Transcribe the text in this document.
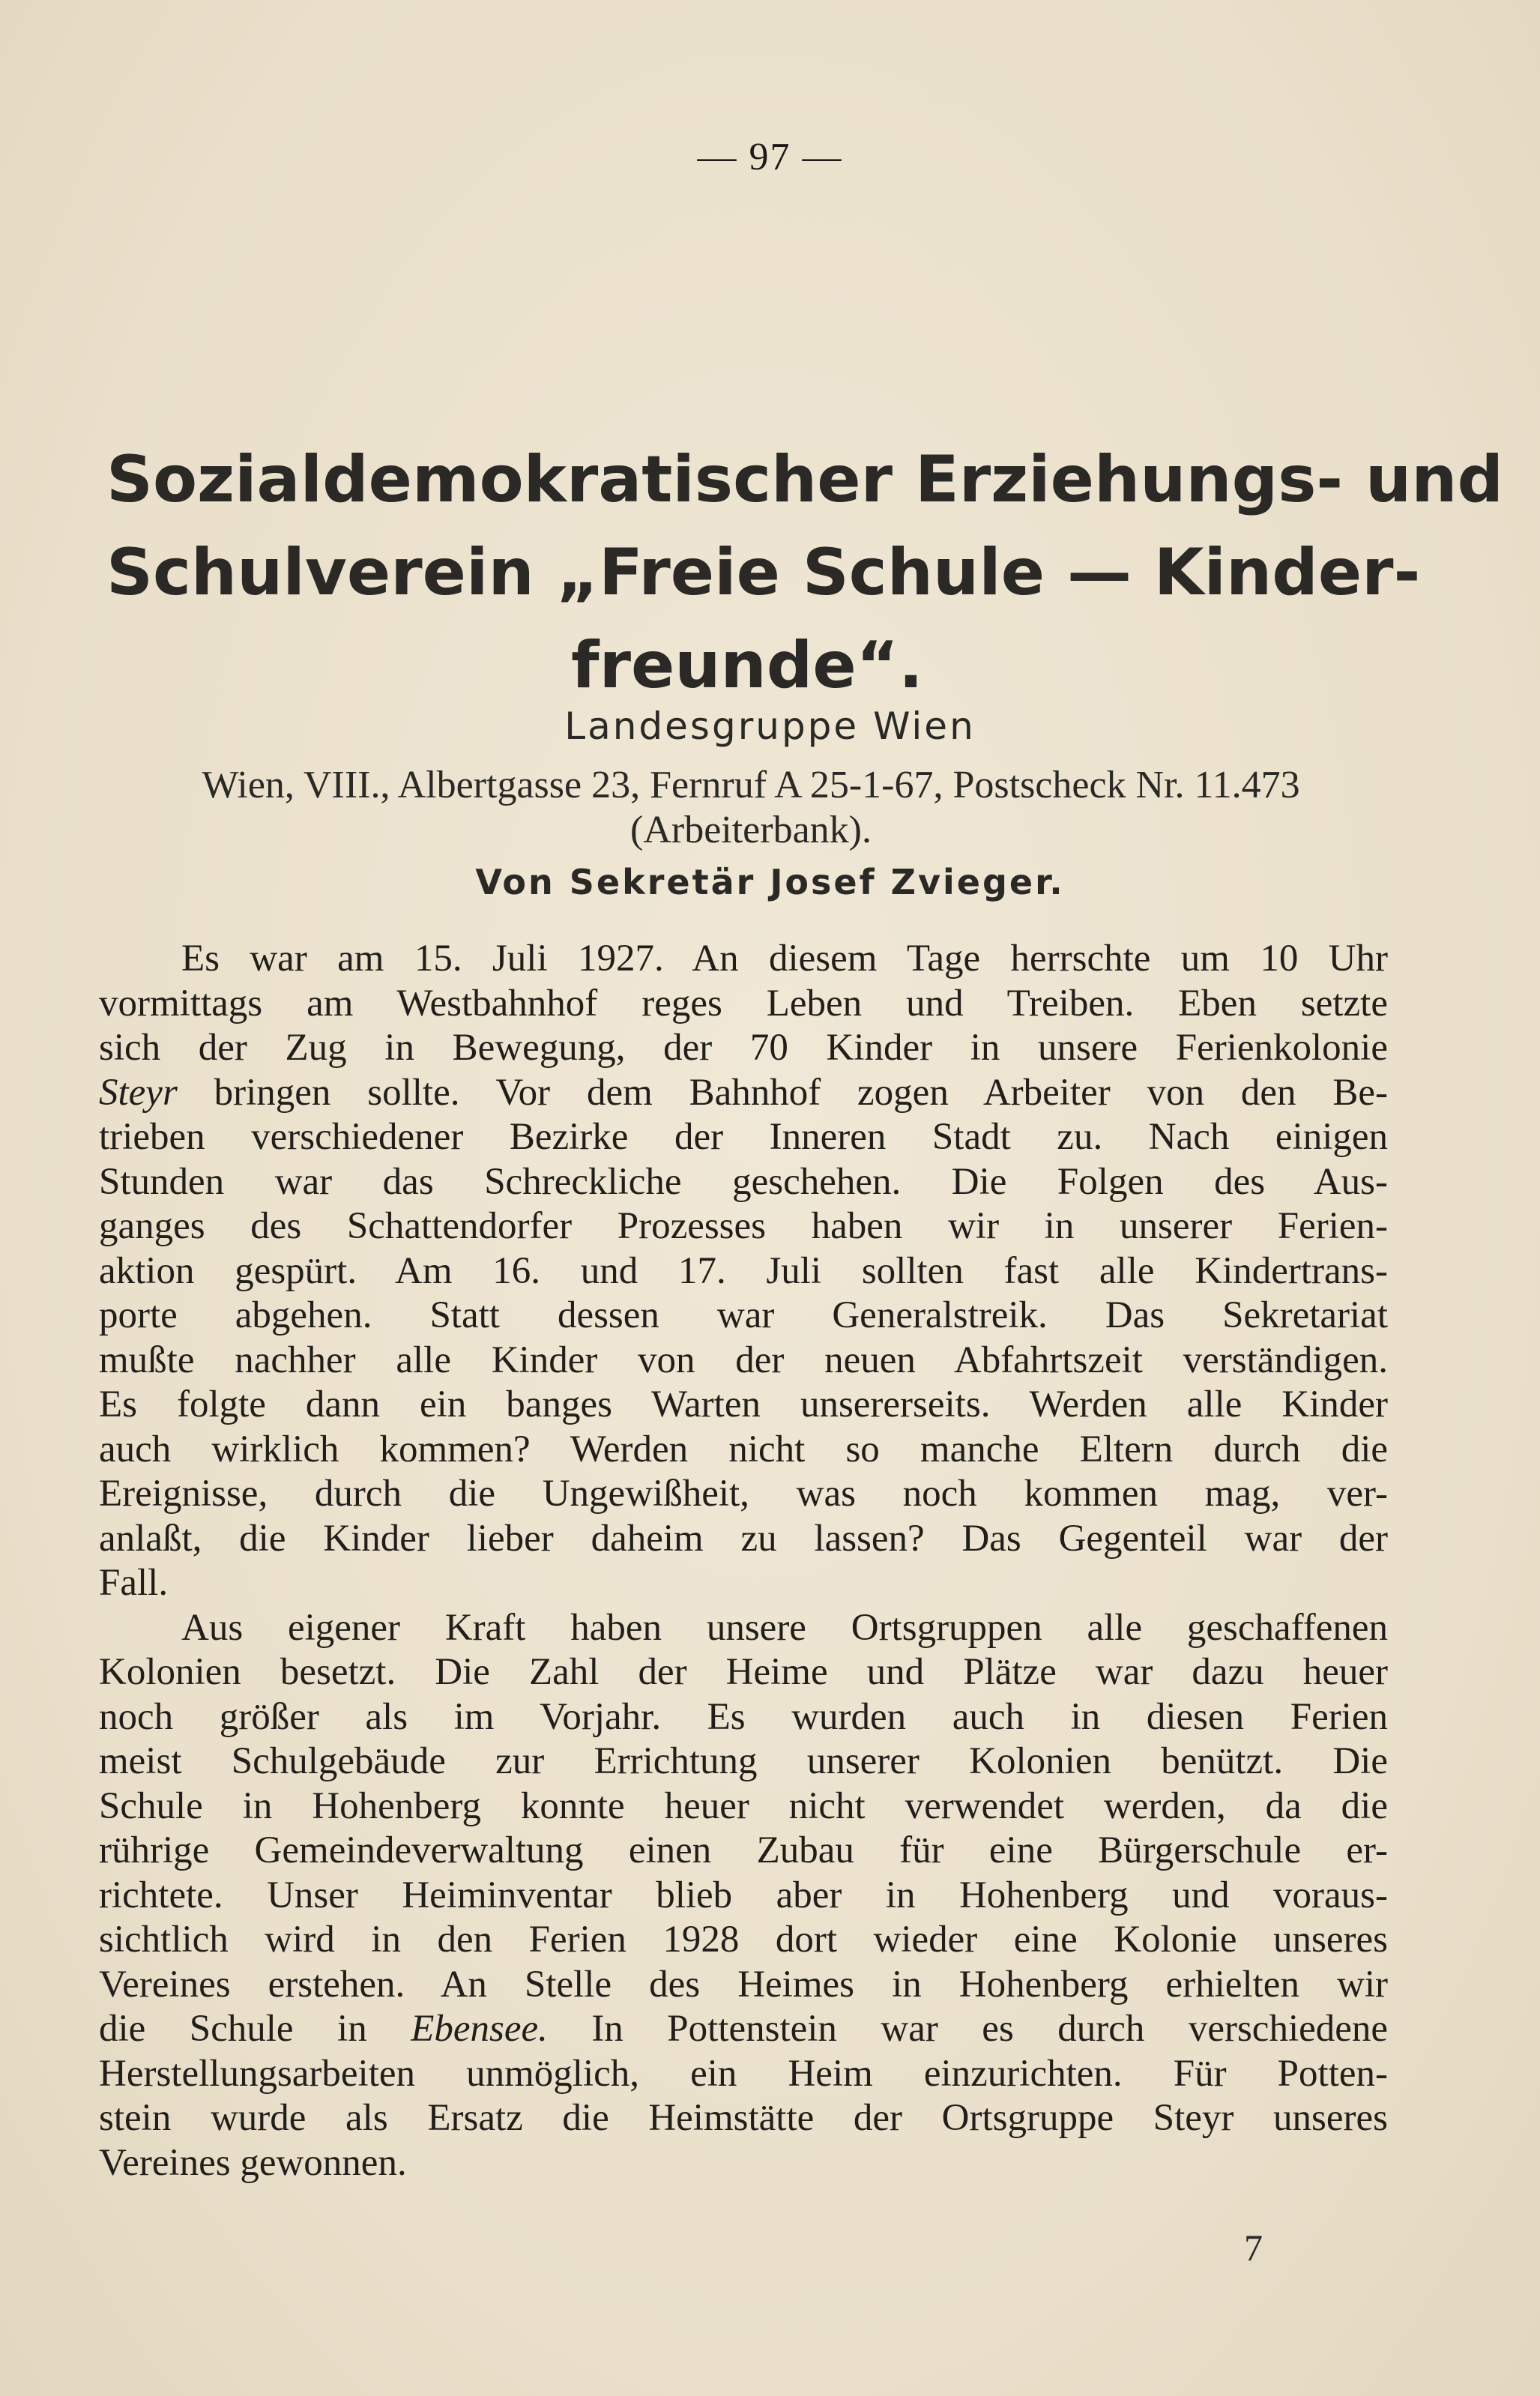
— 97 —
Sozialdemokratischer Erziehungs- und
Schulverein „Freie Schule — Kinder-
freunde“.
Landesgruppe Wien
Wien, VIII., Albertgasse 23, Fernruf A 25-1-67, Postscheck Nr. 11.473
(Arbeiterbank).
Von Sekretär Josef Zvieger.

Es war am 15. Juli 1927. An diesem Tage herrschte um 10 Uhr
vormittags am Westbahnhof reges Leben und Treiben. Eben setzte
sich der Zug in Bewegung, der 70 Kinder in unsere Ferienkolonie
Steyr bringen sollte. Vor dem Bahnhof zogen Arbeiter von den Be-
trieben verschiedener Bezirke der Inneren Stadt zu. Nach einigen
Stunden war das Schreckliche geschehen. Die Folgen des Aus-
ganges des Schattendorfer Prozesses haben wir in unserer Ferien-
aktion gespürt. Am 16. und 17. Juli sollten fast alle Kindertrans-
porte abgehen. Statt dessen war Generalstreik. Das Sekretariat
mußte nachher alle Kinder von der neuen Abfahrtszeit verständigen.
Es folgte dann ein banges Warten unsererseits. Werden alle Kinder
auch wirklich kommen? Werden nicht so manche Eltern durch die
Ereignisse, durch die Ungewißheit, was noch kommen mag, ver-
anlaßt, die Kinder lieber daheim zu lassen? Das Gegenteil war der
Fall.

Aus eigener Kraft haben unsere Ortsgruppen alle geschaffenen
Kolonien besetzt. Die Zahl der Heime und Plätze war dazu heuer
noch größer als im Vorjahr. Es wurden auch in diesen Ferien
meist Schulgebäude zur Errichtung unserer Kolonien benützt. Die
Schule in Hohenberg konnte heuer nicht verwendet werden, da die
rührige Gemeindeverwaltung einen Zubau für eine Bürgerschule er-
richtete. Unser Heiminventar blieb aber in Hohenberg und voraus-
sichtlich wird in den Ferien 1928 dort wieder eine Kolonie unseres
Vereines erstehen. An Stelle des Heimes in Hohenberg erhielten wir
die Schule in Ebensee. In Pottenstein war es durch verschiedene
Herstellungsarbeiten unmöglich, ein Heim einzurichten. Für Potten-
stein wurde als Ersatz die Heimstätte der Ortsgruppe Steyr unseres
Vereines gewonnen.

7
